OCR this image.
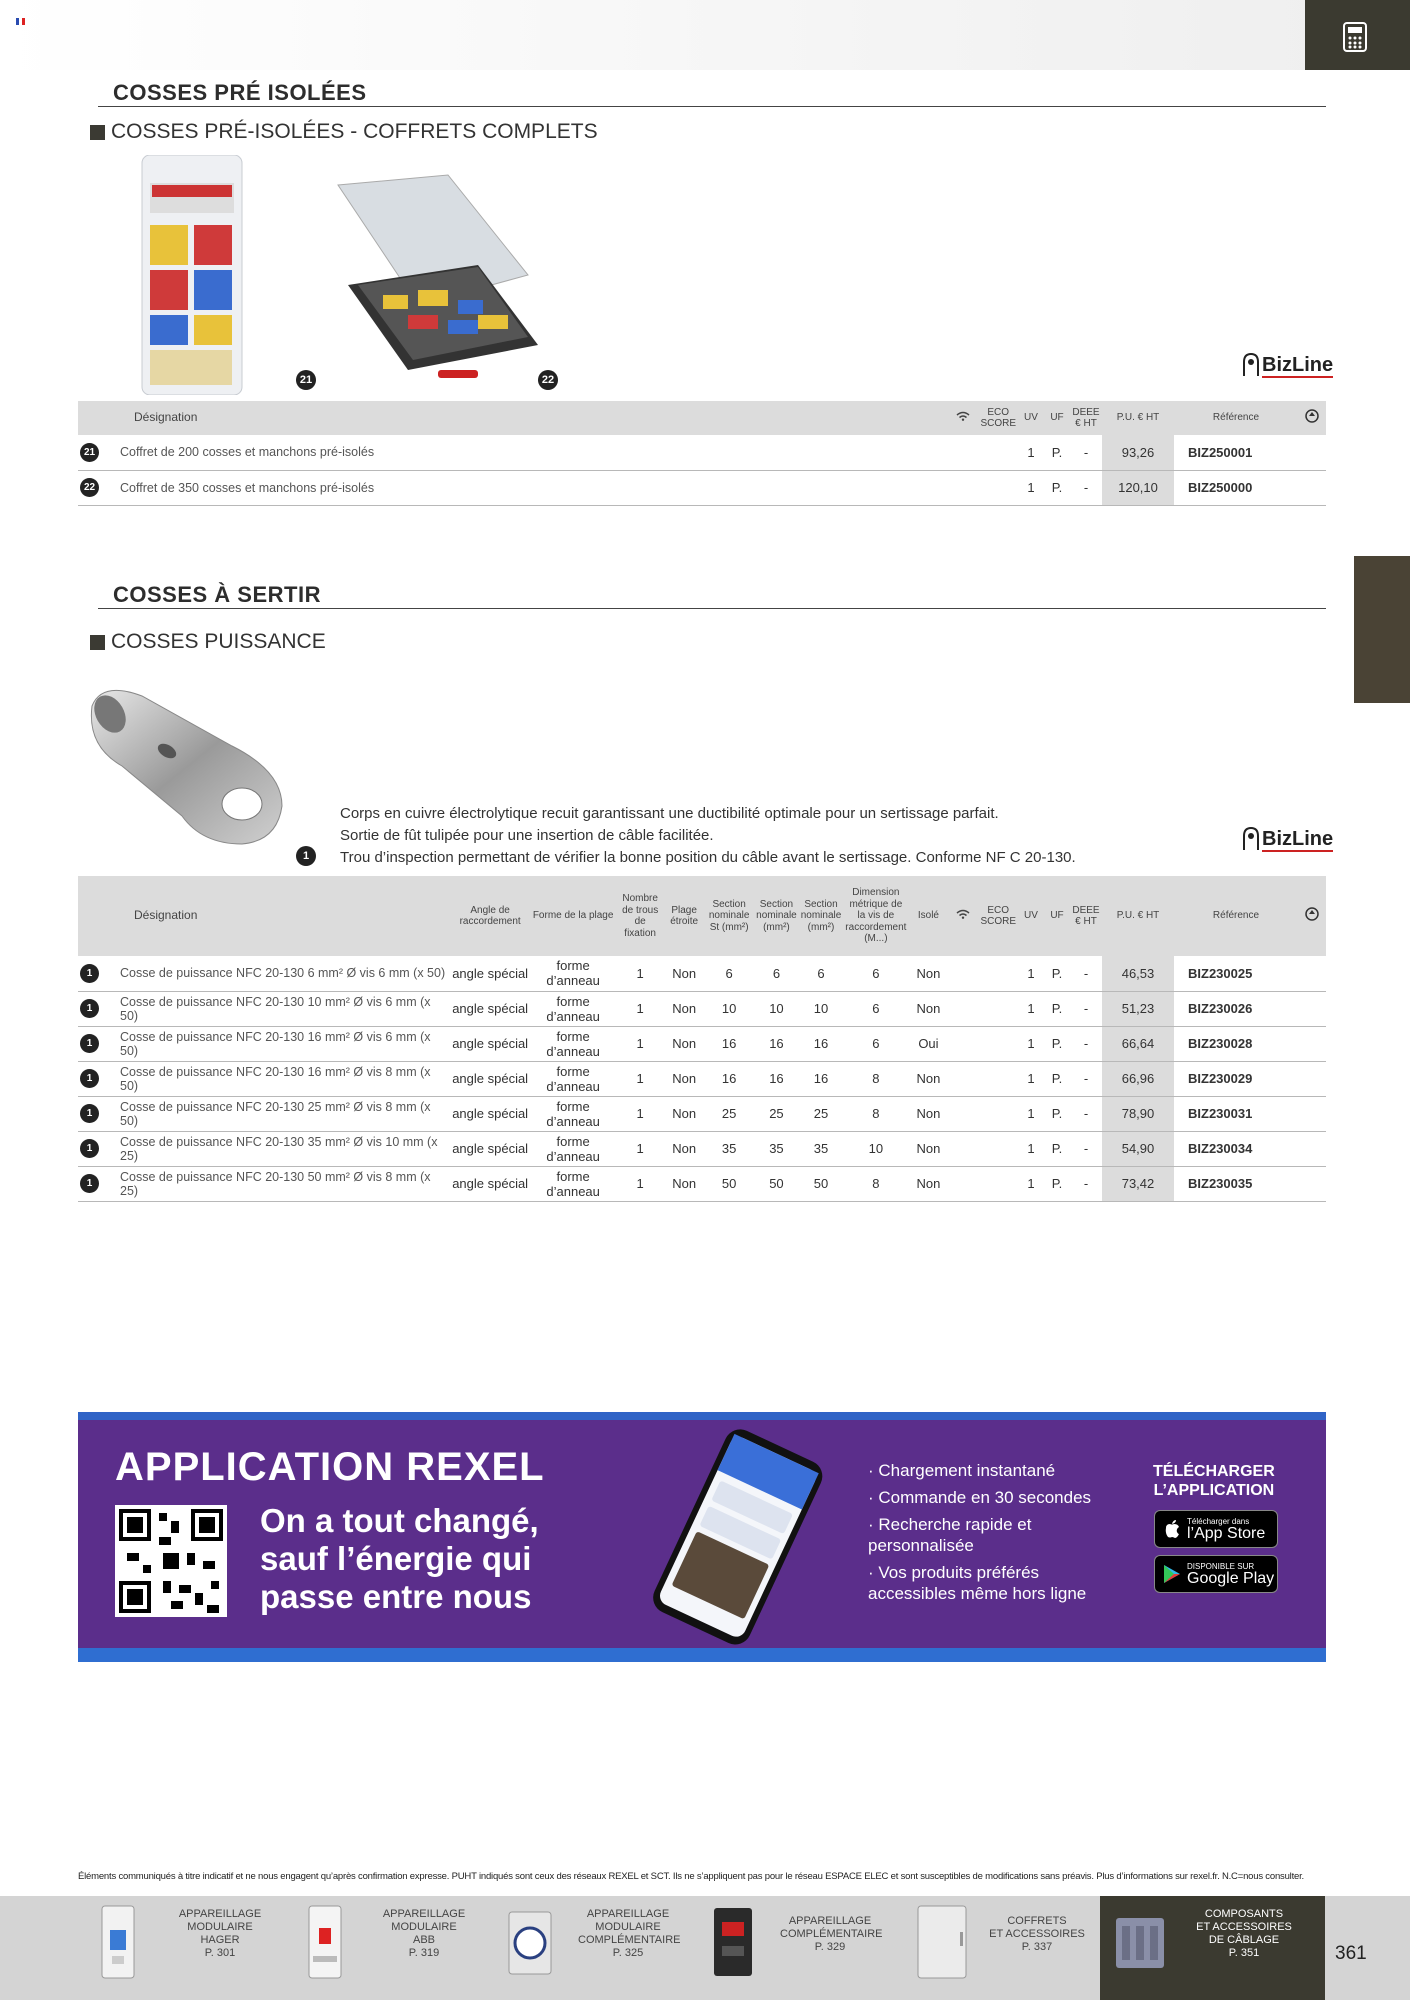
COSSES PRÉ ISOLÉES
COSSES PRÉ-ISOLÉES - COFFRETS COMPLETS
21	22
BizLine
	Désignation		ECO SCORE	UV	UF	DEEE € HT	P.U. € HT	Référence	
21	Coffret de 200 cosses et manchons pré-isolés			1	P.	-	93,26	BIZ250001	
22	Coffret de 350 cosses et manchons pré-isolés			1	P.	-	120,10	BIZ250000	
COSSES À SERTIR
COSSES PUISSANCE
1
Corps en cuivre électrolytique recuit garantissant une ductibilité optimale pour un sertissage parfait.
Sortie de fût tulipée pour une insertion de câble facilitée.
Trou d’inspection permettant de vérifier la bonne position du câble avant le sertissage. Conforme NF C 20-130.
BizLine
	Désignation	Angle de raccordement	Forme de la plage	Nombre de trous de fixation	Plage étroite	Section nominale St (mm²)	Section nominale (mm²)	Section nominale (mm²)	Dimension métrique de la vis de raccordement (M...)	Isolé		ECO SCORE	UV	UF	DEEE € HT	P.U. € HT	Référence	
1	Cosse de puissance NFC 20-130 6 mm² Ø vis 6 mm (x 50)	angle spécial	forme d’anneau	1	Non	6	6	6	6	Non			1	P.	-	46,53	BIZ230025	
1	Cosse de puissance NFC 20-130 10 mm² Ø vis 6 mm (x 50)	angle spécial	forme d’anneau	1	Non	10	10	10	6	Non			1	P.	-	51,23	BIZ230026	
1	Cosse de puissance NFC 20-130 16 mm² Ø vis 6 mm (x 50)	angle spécial	forme d’anneau	1	Non	16	16	16	6	Oui			1	P.	-	66,64	BIZ230028	
1	Cosse de puissance NFC 20-130 16 mm² Ø vis 8 mm (x 50)	angle spécial	forme d’anneau	1	Non	16	16	16	8	Non			1	P.	-	66,96	BIZ230029	
1	Cosse de puissance NFC 20-130 25 mm² Ø vis 8 mm (x 50)	angle spécial	forme d’anneau	1	Non	25	25	25	8	Non			1	P.	-	78,90	BIZ230031	
1	Cosse de puissance NFC 20-130 35 mm² Ø vis 10 mm (x 25)	angle spécial	forme d’anneau	1	Non	35	35	35	10	Non			1	P.	-	54,90	BIZ230034	
1	Cosse de puissance NFC 20-130 50 mm² Ø vis 8 mm (x 25)	angle spécial	forme d’anneau	1	Non	50	50	50	8	Non			1	P.	-	73,42	BIZ230035	
APPLICATION REXEL
On a tout changé,
sauf l’énergie qui
passe entre nous
· Chargement instantané
· Commande en 30 secondes
· Recherche rapide et personnalisée
· Vos produits préférés accessibles même hors ligne
TÉLÉCHARGER
L’APPLICATION
Télécharger dans
l’App Store
DISPONIBLE SUR
Google Play
Éléments communiqués à titre indicatif et ne nous engagent qu’après confirmation expresse. PUHT indiqués sont ceux des réseaux REXEL et SCT. Ils ne s’appliquent pas pour le réseau ESPACE ELEC et sont susceptibles de modifications sans préavis. Plus d’informations sur rexel.fr. N.C=nous consulter.
APPAREILLAGE
MODULAIRE
HAGER
P. 301
APPAREILLAGE
MODULAIRE
ABB
P. 319
APPAREILLAGE
MODULAIRE
COMPLÉMENTAIRE
P. 325
APPAREILLAGE
COMPLÉMENTAIRE
P. 329
COFFRETS
ET ACCESSOIRES
P. 337
COMPOSANTS
ET ACCESSOIRES
DE CÂBLAGE
P. 351	361
